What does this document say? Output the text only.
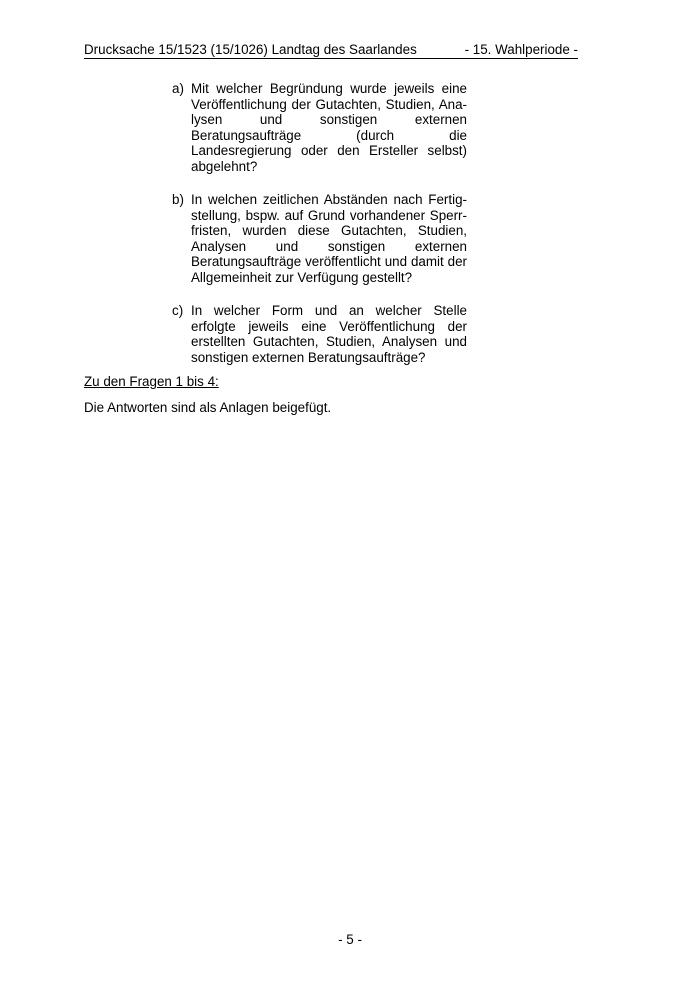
Drucksache 15/1523 (15/1026) Landtag des Saarlandes	- 15. Wahlperiode -
a) Mit welcher Begründung wurde jeweils eine Veröffentlichung der Gutachten, Studien, Analysen und sonstigen externen Beratungsaufträge (durch die Landesregierung oder den Ersteller selbst) abgelehnt?
b) In welchen zeitlichen Abständen nach Fertigstellung, bspw. auf Grund vorhandener Sperrfristen, wurden diese Gutachten, Studien, Analysen und sonstigen externen Beratungsaufträge veröffentlicht und damit der Allgemeinheit zur Verfügung gestellt?
c) In welcher Form und an welcher Stelle erfolgte jeweils eine Veröffentlichung der erstellten Gutachten, Studien, Analysen und sonstigen externen Beratungsaufträge?
Zu den Fragen 1 bis 4:
Die Antworten sind als Anlagen beigefügt.
- 5 -
